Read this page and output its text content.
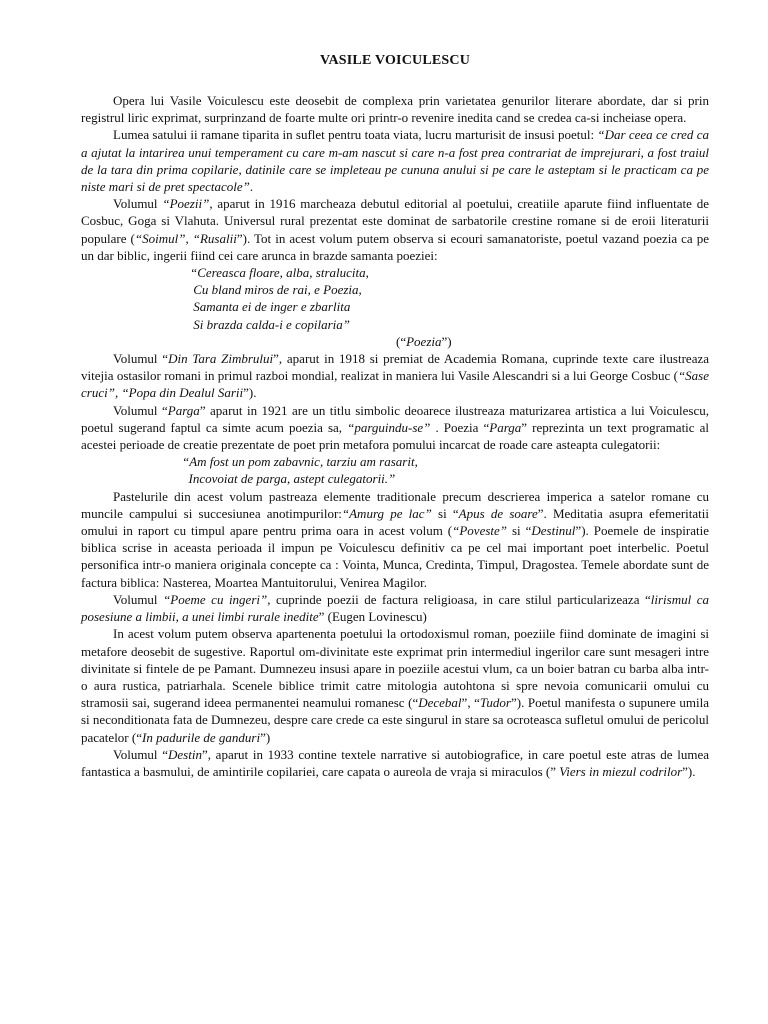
VASILE VOICULESCU

Opera lui Vasile Voiculescu este deosebit de complexa prin varietatea genurilor literare abordate, dar si prin registrul liric exprimat, surprinzand de foarte multe ori printr-o revenire inedita cand se credea ca-si incheiase opera.

Lumea satului ii ramane tiparita in suflet pentru toata viata, lucru marturisit de insusi poetul: “Dar ceea ce cred ca a ajutat la intarirea unui temperament cu care m-am nascut si care n-a fost prea contrariat de imprejurari, a fost traiul de la tara din prima copilarie, datinile care se impleteau pe cununa anului si pe care le asteptam si le practicam ca pe niste mari si de pret spectacole”.

Volumul “Poezii”, aparut in 1916 marcheaza debutul editorial al poetului, creatiile aparute fiind influentate de Cosbuc, Goga si Vlahuta. Universul rural prezentat este dominat de sarbatorile crestine romane si de eroii literaturii populare (“Soimul”, “Rusalii”). Tot in acest volum putem observa si ecouri samanatoriste, poetul vazand poezia ca pe un dar biblic, ingerii fiind cei care arunca in brazde samanta poeziei:

“Cereasca floare, alba, stralucita,
Cu bland miros de rai, e Poezia,
Samanta ei de inger e zbarlita
Si brazda calda-i e copilaria”
(“Poezia”)

Volumul “Din Tara Zimbrului”, aparut in 1918 si premiat de Academia Romana, cuprinde texte care ilustreaza vitejia ostasilor romani in primul razboi mondial, realizat in maniera lui Vasile Alescandri si a lui George Cosbuc (“Sase cruci”, “Popa din Dealul Sarii”).

Volumul “Parga” aparut in 1921 are un titlu simbolic deoarece ilustreaza maturizarea artistica a lui Voiculescu, poetul sugerand faptul ca simte acum poezia sa, “parguindu-se” . Poezia “Parga” reprezinta un text programatic al acestei perioade de creatie prezentate de poet prin metafora pomului incarcat de roade care asteapta culegatorii:

“Am fost un pom zabavnic, tarziu am rasarit,
Incovoiat de parga, astept culegatorii.”

Pastelurile din acest volum pastreaza elemente traditionale precum descrierea imperica a satelor romane cu muncile campului si succesiunea anotimpurilor:“Amurg pe lac” si “Apus de soare”. Meditatia asupra efemeritatii omului in raport cu timpul apare pentru prima oara in acest volum (“Poveste” si “Destinul”). Poemele de inspiratie biblica scrise in aceasta perioada il impun pe Voiculescu definitiv ca pe cel mai important poet interbelic. Poetul personifica intr-o maniera originala concepte ca : Vointa, Munca, Credinta, Timpul, Dragostea. Temele abordate sunt de factura biblica: Nasterea, Moartea Mantuitorului, Venirea Magilor.

Volumul “Poeme cu ingeri”, cuprinde poezii de factura religioasa, in care stilul particularizeaza “lirismul ca posesiune a limbii, a unei limbi rurale inedite” (Eugen Lovinescu)

In acest volum putem observa apartenenta poetului la ortodoxismul roman, poeziile fiind dominate de imagini si metafore deosebit de sugestive. Raportul om-divinitate este exprimat prin intermediul ingerilor care sunt mesageri intre divinitate si fintele de pe Pamant. Dumnezeu insusi apare in poeziile acestui vlum, ca un boier batran cu barba alba intr-o aura rustica, patriarhala. Scenele biblice trimit catre mitologia autohtona si spre nevoia comunicarii omului cu stramosii sai, sugerand ideea permanentei neamului romanesc (“Decebal”, “Tudor”). Poetul manifesta o supunere umila si neconditionata fata de Dumnezeu, despre care crede ca este singurul in stare sa ocroteasca sufletul omului de pericolul pacatelor (“In padurile de ganduri”)

Volumul “Destin”, aparut in 1933 contine textele narrative si autobiografice, in care poetul este atras de lumea fantastica a basmului, de amintirile copilariei, care capata o aureola de vraja si miraculos (” Viers in miezul codrilor”).
